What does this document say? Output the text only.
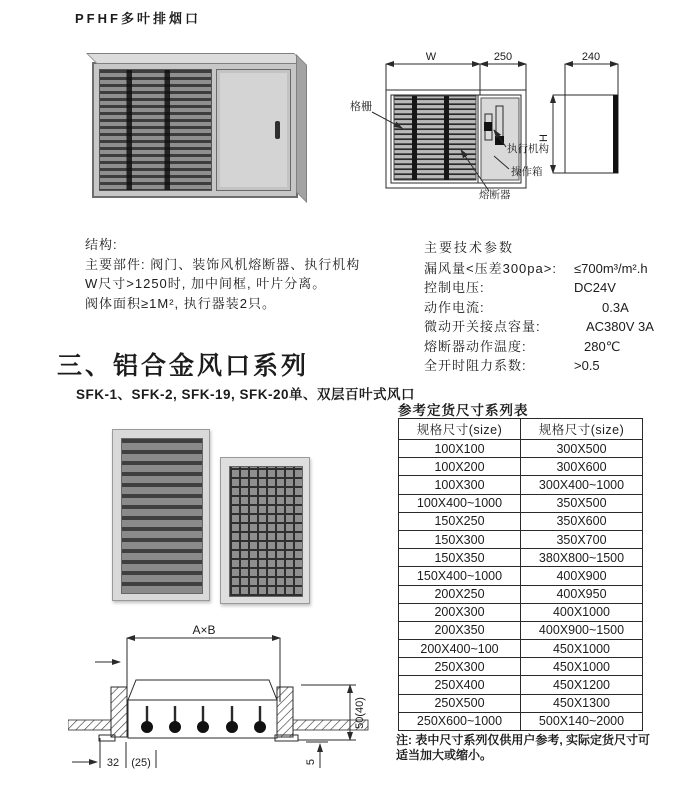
PFHF多叶排烟口
W	250	240
格栅
执行机构
操作箱
熔断器
H
结构:
主要部件: 阀门、装饰风机熔断器、执行机构
W尺寸>1250时, 加中间框, 叶片分离。
阀体面积≥1M², 执行器装2只。
主要技术参数
漏风量<压差300pa>:	≤700m³/m².h
控制电压:	DC24V
动作电流:	0.3A
微动开关接点容量:	AC380V 3A
熔断器动作温度:	280℃
全开时阻力系数:	>0.5
三、铝合金风口系列
SFK-1、SFK-2, SFK-19, SFK-20单、双层百叶式风口
参考定货尺寸系列表
规格尺寸(size)	规格尺寸(size)
100X100	300X500
100X200	300X600
100X300	300X400~1000
100X400~1000	350X500
150X250	350X600
150X300	350X700
150X350	380X800~1500
150X400~1000	400X900
200X250	400X950
200X300	400X1000
200X350	400X900~1500
200X400~100	450X1000
250X300	450X1000
250X400	450X1200
250X500	450X1300
250X600~1000	500X140~2000
注: 表中尺寸系列仅供用户参考, 实际定货尺寸可
适当加大或缩小。
A×B
50(40)
5
32 (25)
